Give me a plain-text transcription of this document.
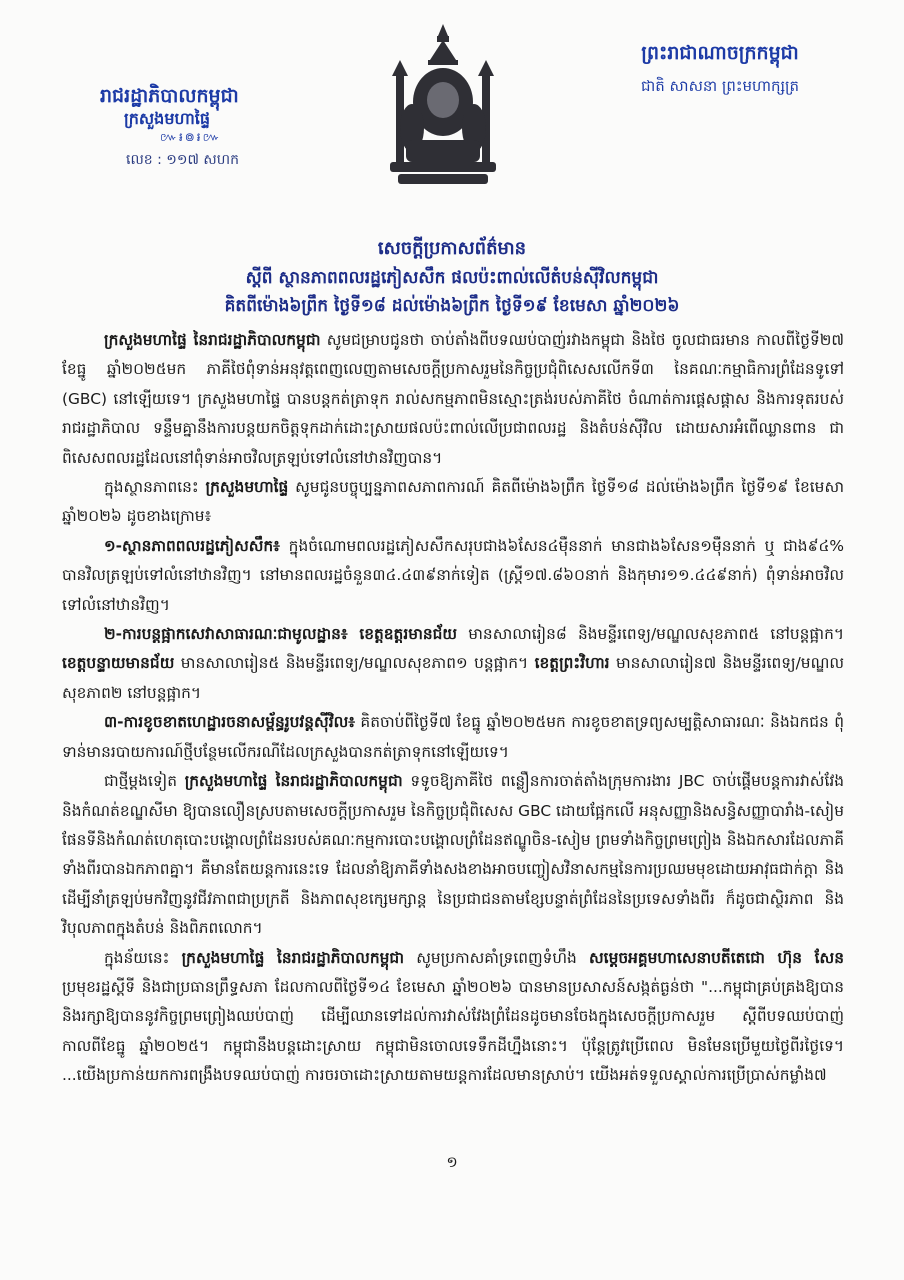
រាជរដ្ឋាភិបាលកម្ពុជា
ក្រសួងមហាផ្ទៃ
៚៛៙៛៚
លេខ : ១១៧ សហក
ព្រះរាជាណាចក្រកម្ពុជា
ជាតិ សាសនា ព្រះមហាក្សត្រ
សេចក្តីប្រកាសព័ត៌មាន
ស្តីពី ស្ថានភាពពលរដ្ឋភៀសសឹក ផលប៉ះពាល់លើតំបន់ស៊ីវិលកម្ពុជា
គិតពីម៉ោង៦ព្រឹក ថ្ងៃទី១៨ ដល់ម៉ោង៦ព្រឹក ថ្ងៃទី១៩ ខែមេសា ឆ្នាំ២០២៦

ក្រសួងមហាផ្ទៃ នៃរាជរដ្ឋាភិបាលកម្ពុជា សូមជម្រាបជូនថា ចាប់តាំងពីបទឈប់បាញ់រវាងកម្ពុជា និងថៃ ចូលជាធរមាន កាលពីថ្ងៃទី២៧ ខែធ្នូ ឆ្នាំ២០២៥មក ភាគីថៃពុំទាន់អនុវត្តពេញលេញតាមសេចក្តីប្រកាសរួមនៃកិច្ចប្រជុំពិសេសលើកទី៣ នៃគណៈកម្មាធិការព្រំដែនទូទៅ (GBC) នៅឡើយទេ។ ក្រសួងមហាផ្ទៃ បានបន្តកត់ត្រាទុក រាល់សកម្មភាពមិនស្មោះត្រង់របស់ភាគីថៃ ចំណាត់ការផ្តេសផ្តាស និងការទុតរបស់រាជរដ្ឋាភិបាល ទន្ទឹមគ្នានឹងការបន្តយកចិត្តទុកដាក់ដោះស្រាយផលប៉ះពាល់លើប្រជាពលរដ្ឋ និងតំបន់ស៊ីវិល ដោយសារអំពើឈ្លានពាន ជាពិសេសពលរដ្ឋដែលនៅពុំទាន់អាចវិលត្រឡប់ទៅលំនៅឋានវិញបាន។

ក្នុងស្ថានភាពនេះ ក្រសួងមហាផ្ទៃ សូមជូនបច្ចុប្បន្នភាពសភាពការណ៍ គិតពីម៉ោង៦ព្រឹក ថ្ងៃទី១៨ ដល់ម៉ោង៦ព្រឹក ថ្ងៃទី១៩ ខែមេសា ឆ្នាំ២០២៦ ដូចខាងក្រោម៖

១-ស្ថានភាពពលរដ្ឋភៀសសឹក៖ ក្នុងចំណោមពលរដ្ឋភៀសសឹកសរុបជាង៦សែន៤ម៉ឺននាក់ មានជាង៦សែន១ម៉ឺននាក់ ឬ ជាង៩៤% បានវិលត្រឡប់ទៅលំនៅឋានវិញ។ នៅមានពលរដ្ឋចំនួន៣៤.៤៣៩នាក់ទៀត (ស្ត្រី១៧.៨៦០នាក់ និងកុមារ១១.៤៤៩នាក់) ពុំទាន់អាចវិលទៅលំនៅឋានវិញ។

២-ការបន្តផ្អាកសេវាសាធារណៈជាមូលដ្ឋាន៖ ខេត្តឧត្តរមានជ័យ មានសាលារៀន៨ និងមន្ទីរពេទ្យ/មណ្ឌលសុខភាព៥ នៅបន្តផ្អាក។ ខេត្តបន្ទាយមានជ័យ មានសាលារៀន៥ និងមន្ទីរពេទ្យ/មណ្ឌលសុខភាព១ បន្តផ្អាក។ ខេត្តព្រះវិហារ មានសាលារៀន៧ និងមន្ទីរពេទ្យ/មណ្ឌលសុខភាព២ នៅបន្តផ្អាក។

៣-ការខូចខាតហេដ្ឋារចនាសម្ព័ន្ធរូបវន្តស៊ីវិល៖ គិតចាប់ពីថ្ងៃទី៧ ខែធ្នូ ឆ្នាំ២០២៥មក ការខូចខាតទ្រព្យសម្បត្តិសាធារណៈ និងឯកជន ពុំទាន់មានរបាយការណ៍ថ្មីបន្ថែមលើករណីដែលក្រសួងបានកត់ត្រាទុកនៅឡើយទេ។

ជាថ្មីម្តងទៀត ក្រសួងមហាផ្ទៃ នៃរាជរដ្ឋាភិបាលកម្ពុជា ទទូចឱ្យភាគីថៃ ពន្លឿនការចាត់តាំងក្រុមការងារ JBC ចាប់ផ្តើមបន្តការវាស់វែង និងកំណត់ខណ្ឌសីមា ឱ្យបានលឿនស្របតាមសេចក្តីប្រកាសរួម នៃកិច្ចប្រជុំពិសេស GBC ដោយផ្អែកលើ អនុសញ្ញានិងសន្ធិសញ្ញាបារាំង-សៀម ផែនទីនិងកំណត់ហេតុបោះបង្គោលព្រំដែនរបស់គណៈកម្មការបោះបង្គោលព្រំដែនឥណ្ឌូចិន-សៀម ព្រមទាំងកិច្ចព្រមព្រៀង និងឯកសារដែលភាគីទាំងពីរបានឯកភាពគ្នា។ គឺមានតែយន្តការនេះទេ ដែលនាំឱ្យភាគីទាំងសងខាងអាចបញ្ចៀសវិនាសកម្មនៃការប្រឈមមុខដោយអាវុធជាក់ក្តា និងដើម្បីនាំត្រឡប់មកវិញនូវជីវភាពជាប្រក្រតី និងភាពសុខក្សេមក្សាន្ត នៃប្រជាជនតាមខ្សែបន្ទាត់ព្រំដែននៃប្រទេសទាំងពីរ ក៏ដូចជាស្ថិរភាព និងវិបុលភាពក្នុងតំបន់ និងពិភពលោក។

ក្នុងន័យនេះ ក្រសួងមហាផ្ទៃ នៃរាជរដ្ឋាភិបាលកម្ពុជា សូមប្រកាសគាំទ្រពេញទំហឹង សម្តេចអគ្គមហាសេនាបតីតេជោ ហ៊ុន សែន ប្រមុខរដ្ឋស្តីទី និងជាប្រធានព្រឹទ្ធសភា ដែលកាលពីថ្ងៃទី១៤ ខែមេសា ឆ្នាំ២០២៦ បានមានប្រសាសន៍សង្កត់ធ្ងន់ថា "...កម្ពុជាគ្រប់គ្រងឱ្យបាន និងរក្សាឱ្យបាននូវកិច្ចព្រមព្រៀងឈប់បាញ់ ដើម្បីឈានទៅដល់ការវាស់វែងព្រំដែនដូចមានចែងក្នុងសេចក្តីប្រកាសរួម ស្តីពីបទឈប់បាញ់ កាលពីខែធ្នូ ឆ្នាំ២០២៥។ កម្ពុជានឹងបន្តដោះស្រាយ កម្ពុជាមិនចោលទេទឹកដីហ្នឹងនោះ។ ប៉ុន្តែត្រូវប្រើពេល មិនមែនប្រើមួយថ្ងៃពីរថ្ងៃទេ។ ...យើងប្រកាន់យកការពង្រឹងបទឈប់បាញ់ ការចរចាដោះស្រាយតាមយន្តការដែលមានស្រាប់។ យើងអត់ទទួលស្គាល់ការប្រើប្រាស់កម្លាំង៧

១
